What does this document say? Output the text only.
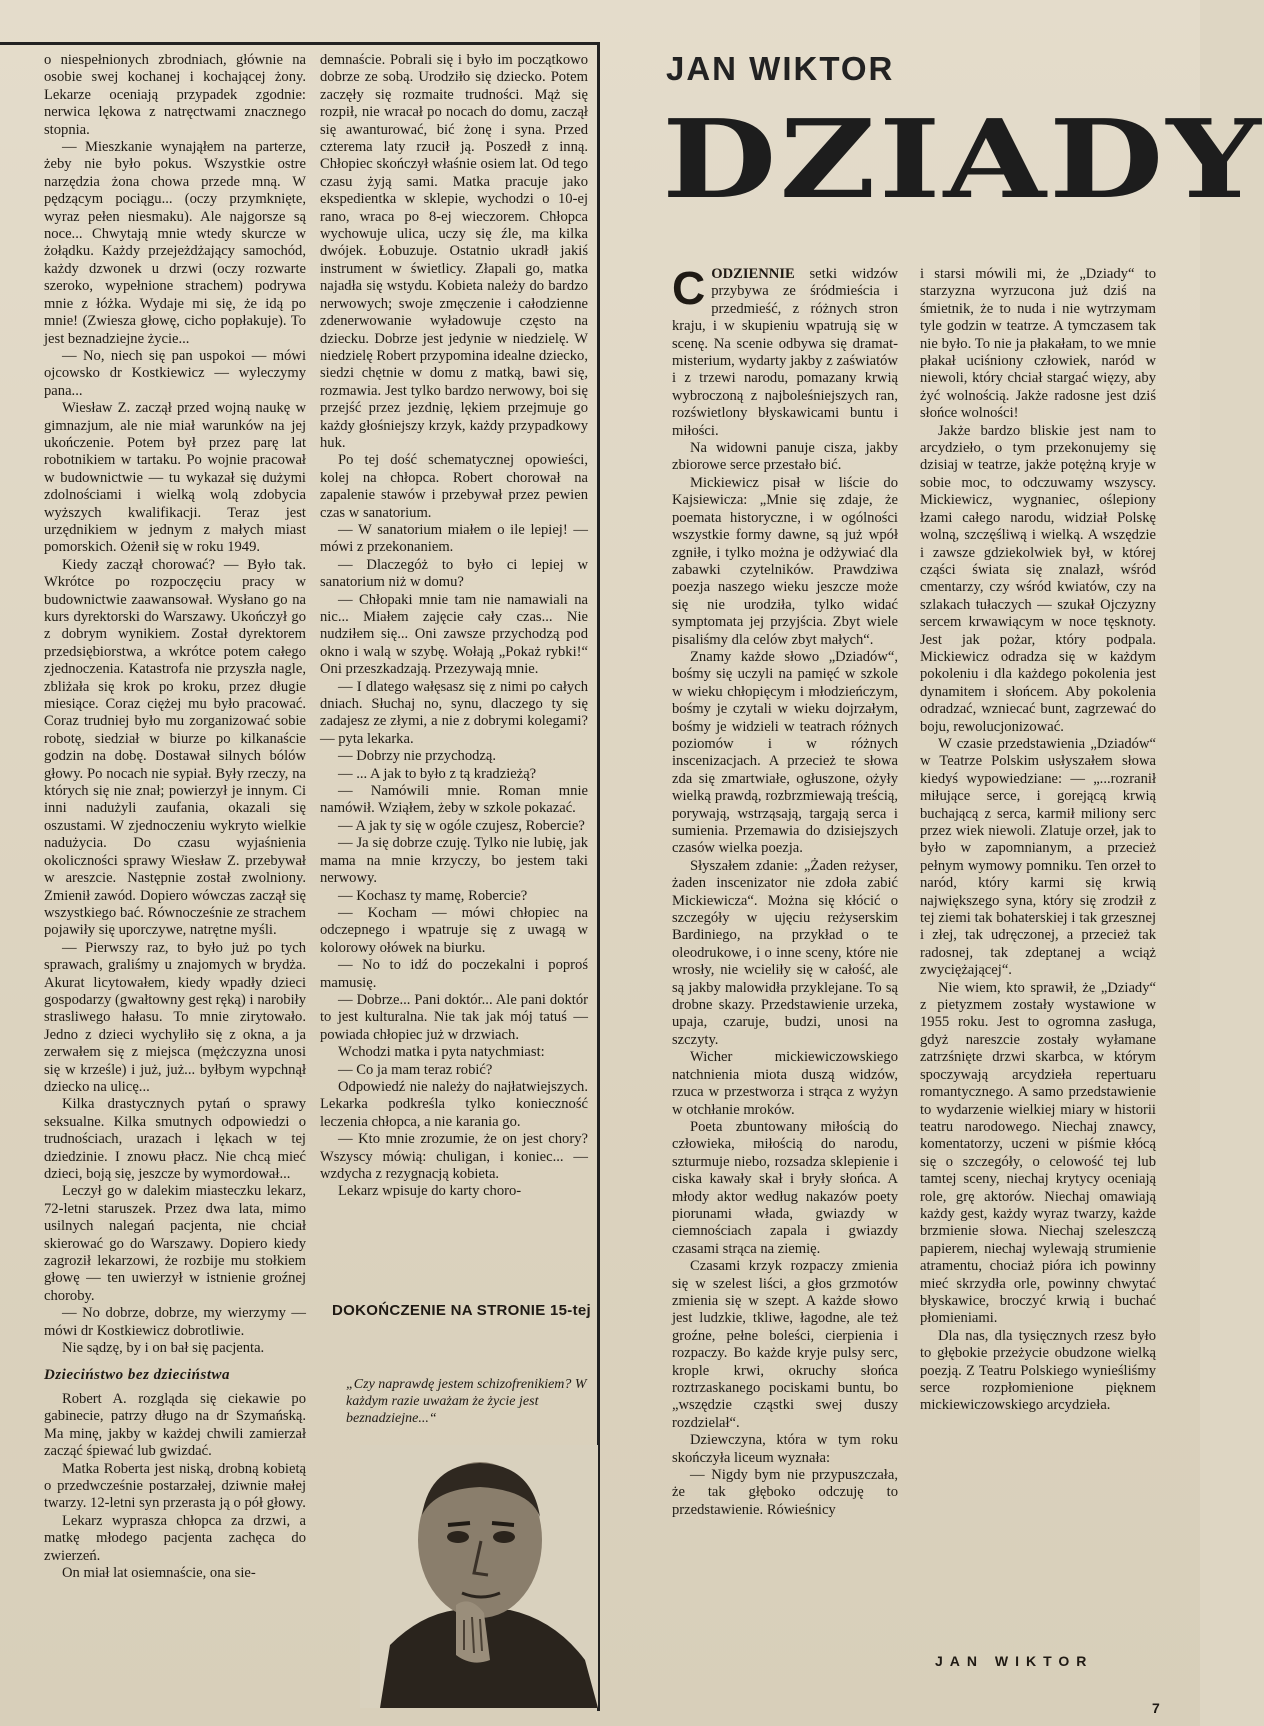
o niespełnionych zbrodniach, głównie na osobie swej kochanej i kochającej żony. Lekarze oceniają przypadek zgodnie: nerwica lękowa z natręctwami znacznego stopnia.

— Mieszkanie wynająłem na parterze, żeby nie było pokus. Wszystkie ostre narzędzia żona chowa przede mną. W pędzącym pociągu... (oczy przymknięte, wyraz pełen niesmaku). Ale najgorsze są noce... Chwytają mnie wtedy skurcze w żołądku. Każdy przejeżdżający samochód, każdy dzwonek u drzwi (oczy rozwarte szeroko, wypełnione strachem) podrywa mnie z łóżka. Wydaje mi się, że idą po mnie! (Zwiesza głowę, cicho popłakuje). To jest beznadziejne życie...

— No, niech się pan uspokoi — mówi ojcowsko dr Kostkiewicz — wyleczymy pana...

Wiesław Z. zaczął przed wojną naukę w gimnazjum, ale nie miał warunków na jej ukończenie. Potem był przez parę lat robotnikiem w tartaku. Po wojnie pracował w budownictwie — tu wykazał się dużymi zdolnościami i wielką wolą zdobycia wyższych kwalifikacji. Teraz jest urzędnikiem w jednym z małych miast pomorskich. Ożenił się w roku 1949.

Kiedy zaczął chorować? — Było tak. Wkrótce po rozpoczęciu pracy w budownictwie zaawansował. Wysłano go na kurs dyrektorski do Warszawy. Ukończył go z dobrym wynikiem. Został dyrektorem przedsiębiorstwa, a wkrótce potem całego zjednoczenia. Katastrofa nie przyszła nagle, zbliżała się krok po kroku, przez długie miesiące. Coraz ciężej mu było pracować. Coraz trudniej było mu zorganizować sobie robotę, siedział w biurze po kilkanaście godzin na dobę. Dostawał silnych bólów głowy. Po nocach nie sypiał. Były rzeczy, na których się nie znał; powierzył je innym. Ci inni nadużyli zaufania, okazali się oszustami. W zjednoczeniu wykryto wielkie nadużycia. Do czasu wyjaśnienia okoliczności sprawy Wiesław Z. przebywał w areszcie. Następnie został zwolniony. Zmienił zawód. Dopiero wówczas zaczął się wszystkiego bać. Równocześnie ze strachem pojawiły się uporczywe, natrętne myśli.

— Pierwszy raz, to było już po tych sprawach, graliśmy u znajomych w brydża. Akurat licytowałem, kiedy wpadły dzieci gospodarzy (gwałtowny gest ręką) i narobiły strasliwego hałasu. To mnie zirytowało. Jedno z dzieci wychyliło się z okna, a ja zerwałem się z miejsca (mężczyzna unosi się w krześle) i już, już... byłbym wypchnął dziecko na ulicę...

Kilka drastycznych pytań o sprawy seksualne. Kilka smutnych odpowiedzi o trudnościach, urazach i lękach w tej dziedzinie. I znowu płacz. Nie chcą mieć dzieci, boją się, jeszcze by wymordował...

Leczył go w dalekim miasteczku lekarz, 72-letni staruszek. Przez dwa lata, mimo usilnych nalegań pacjenta, nie chciał skierować go do Warszawy. Dopiero kiedy zagroził lekarzowi, że rozbije mu stołkiem głowę — ten uwierzył w istnienie groźnej choroby.

— No dobrze, dobrze, my wierzymy — mówi dr Kostkiewicz dobrotliwie.

Nie sądzę, by i on bał się pacjenta.

Dzieciństwo bez dzieciństwa

Robert A. rozgląda się ciekawie po gabinecie, patrzy długo na dr Szymańską. Ma minę, jakby w każdej chwili zamierzał zacząć śpiewać lub gwizdać.

Matka Roberta jest niską, drobną kobietą o przedwcześnie postarzałej, dziwnie małej twarzy. 12-letni syn przerasta ją o pół głowy.

Lekarz wyprasza chłopca za drzwi, a matkę młodego pacjenta zachęca do zwierzeń.

On miał lat osiemnaście, ona sie-

demnaście. Pobrali się i było im początkowo dobrze ze sobą. Urodziło się dziecko. Potem zaczęły się rozmaite trudności. Mąż się rozpił, nie wracał po nocach do domu, zaczął się awanturować, bić żonę i syna. Przed czterema laty rzucił ją. Poszedł z inną. Chłopiec skończył właśnie osiem lat. Od tego czasu żyją sami. Matka pracuje jako ekspedientka w sklepie, wychodzi o 10-ej rano, wraca po 8-ej wieczorem. Chłopca wychowuje ulica, uczy się źle, ma kilka dwójek. Łobuzuje. Ostatnio ukradł jakiś instrument w świetlicy. Złapali go, matka najadła się wstydu. Kobieta należy do bardzo nerwowych; swoje zmęczenie i całodzienne zdenerwowanie wyładowuje często na dziecku. Dobrze jest jedynie w niedzielę. W niedzielę Robert przypomina idealne dziecko, siedzi chętnie w domu z matką, bawi się, rozmawia. Jest tylko bardzo nerwowy, boi się przejść przez jezdnię, lękiem przejmuje go każdy głośniejszy krzyk, każdy przypadkowy huk.

Po tej dość schematycznej opowieści, kolej na chłopca. Robert chorował na zapalenie stawów i przebywał przez pewien czas w sanatorium.

— W sanatorium miałem o ile lepiej! — mówi z przekonaniem.

— Dlaczegóż to było ci lepiej w sanatorium niż w domu?

— Chłopaki mnie tam nie namawiali na nic... Miałem zajęcie cały czas... Nie nudziłem się... Oni zawsze przychodzą pod okno i walą w szybę. Wołają „Pokaż rybki!“ Oni przeszkadzają. Przezywają mnie.

— I dlatego wałęsasz się z nimi po całych dniach. Słuchaj no, synu, dlaczego ty się zadajesz ze złymi, a nie z dobrymi kolegami? — pyta lekarka.

— Dobrzy nie przychodzą.

— ... A jak to było z tą kradzieżą?

— Namówili mnie. Roman mnie namówił. Wziąłem, żeby w szkole pokazać.

— A jak ty się w ogóle czujesz, Robercie?

— Ja się dobrze czuję. Tylko nie lubię, jak mama na mnie krzyczy, bo jestem taki nerwowy.

— Kochasz ty mamę, Robercie?

— Kocham — mówi chłopiec na odczepnego i wpatruje się z uwagą w kolorowy ołówek na biurku.

— No to idź do poczekalni i poproś mamusię.

— Dobrze... Pani doktór... Ale pani doktór to jest kulturalna. Nie tak jak mój tatuś — powiada chłopiec już w drzwiach.

Wchodzi matka i pyta natychmiast:

— Co ja mam teraz robić?

Odpowiedź nie należy do najłatwiejszych. Lekarka podkreśla tylko konieczność leczenia chłopca, a nie karania go.

— Kto mnie zrozumie, że on jest chory? Wszyscy mówią: chuligan, i koniec... — wzdycha z rezygnacją kobieta.

Lekarz wpisuje do karty choro-

DOKOŃCZENIE NA STRONIE 15-tej
„Czy naprawdę jestem schizofrenikiem? W każdym razie uważam że życie jest beznadziejne...“
JAN WIKTOR
DZIADY

CODZIENNIE setki widzów przybywa ze śródmieścia i przedmieść, z różnych stron kraju, i w skupieniu wpatrują się w scenę. Na scenie odbywa się dramat-misterium, wydarty jakby z zaświatów i z trzewi narodu, pomazany krwią wybroczoną z najboleśniejszych ran, rozświetlony błyskawicami buntu i miłości.

Na widowni panuje cisza, jakby zbiorowe serce przestało bić.

Mickiewicz pisał w liście do Kajsiewicza: „Mnie się zdaje, że poemata historyczne, i w ogólności wszystkie formy dawne, są już wpół zgniłe, i tylko można je odżywiać dla zabawki czytelników. Prawdziwa poezja naszego wieku jeszcze może się nie urodziła, tylko widać symptomata jej przyjścia. Zbyt wiele pisaliśmy dla celów zbyt małych“.

Znamy każde słowo „Dziadów“, bośmy się uczyli na pamięć w szkole w wieku chłopięcym i młodzieńczym, bośmy je czytali w wieku dojrzałym, bośmy je widzieli w teatrach różnych poziomów i w różnych inscenizacjach. A przecież te słowa zda się zmartwiałe, ogłuszone, ożyły wielką prawdą, rozbrzmiewają treścią, porywają, wstrząsają, targają serca i sumienia. Przemawia do dzisiejszych czasów wielka poezja.

Słyszałem zdanie: „Żaden reżyser, żaden inscenizator nie zdoła zabić Mickiewicza“. Można się kłócić o szczegóły w ujęciu reżyserskim Bardiniego, na przykład o te oleodrukowe, i o inne sceny, które nie wrosły, nie wcieliły się w całość, ale są jakby malowidła przyklejane. To są drobne skazy. Przedstawienie urzeka, upaja, czaruje, budzi, unosi na szczyty.

Wicher mickiewiczowskiego natchnienia miota duszą widzów, rzuca w przestworza i strąca z wyżyn w otchłanie mroków.

Poeta zbuntowany miłością do człowieka, miłością do narodu, szturmuje niebo, rozsadza sklepienie i ciska kawały skał i bryły słońca. A młody aktor według nakazów poety piorunami włada, gwiazdy w ciemnościach zapala i gwiazdy czasami strąca na ziemię.

Czasami krzyk rozpaczy zmienia się w szelest liści, a głos grzmotów zmienia się w szept. A każde słowo jest ludzkie, tkliwe, łagodne, ale też groźne, pełne boleści, cierpienia i rozpaczy. Bo każde kryje pulsy serc, krople krwi, okruchy słońca roztrzaskanego pociskami buntu, bo „wszędzie cząstki swej duszy rozdzielał“.

Dziewczyna, która w tym roku skończyła liceum wyznała:

— Nigdy bym nie przypuszczała, że tak głęboko odczuję to przedstawienie. Rówieśnicy

i starsi mówili mi, że „Dziady“ to starzyzna wyrzucona już dziś na śmietnik, że to nuda i nie wytrzymam tyle godzin w teatrze. A tymczasem tak nie było. To nie ja płakałam, to we mnie płakał uciśniony człowiek, naród w niewoli, który chciał stargać więzy, aby żyć wolnością. Jakże radosne jest dziś słońce wolności!

Jakże bardzo bliskie jest nam to arcydzieło, o tym przekonujemy się dzisiaj w teatrze, jakże potężną kryje w sobie moc, to odczuwamy wszyscy. Mickiewicz, wygnaniec, oślepiony łzami całego narodu, widział Polskę wolną, szczęśliwą i wielką. A wszędzie i zawsze gdziekolwiek był, w której cząści świata się znalazł, wśród cmentarzy, czy wśród kwiatów, czy na szlakach tułaczych — szukał Ojczyzny sercem krwawiącym w noce tęsknoty. Jest jak pożar, który podpala. Mickiewicz odradza się w każdym pokoleniu i dla każdego pokolenia jest dynamitem i słońcem. Aby pokolenia odradzać, wzniecać bunt, zagrzewać do boju, rewolucjonizować.

W czasie przedstawienia „Dziadów“ w Teatrze Polskim usłyszałem słowa kiedyś wypowiedziane: — „...rozranił miłujące serce, i gorejącą krwią buchającą z serca, karmił miliony serc przez wiek niewoli. Zlatuje orzeł, jak to było w zapomnianym, a przecież pełnym wymowy pomniku. Ten orzeł to naród, który karmi się krwią największego syna, który się zrodził z tej ziemi tak bohaterskiej i tak grzesznej i złej, tak udręczonej, a przecież tak radosnej, tak zdeptanej a wciąż zwyciężającej“.

Nie wiem, kto sprawił, że „Dziady“ z pietyzmem zostały wystawione w 1955 roku. Jest to ogromna zasługa, gdyż nareszcie zostały wyłamane zatrzśnięte drzwi skarbca, w którym spoczywają arcydzieła repertuaru romantycznego. A samo przedstawienie to wydarzenie wielkiej miary w historii teatru narodowego. Niechaj znawcy, komentatorzy, uczeni w piśmie kłócą się o szczegóły, o celowość tej lub tamtej sceny, niechaj krytycy oceniają role, grę aktorów. Niechaj omawiają każdy gest, każdy wyraz twarzy, każde brzmienie słowa. Niechaj szeleszczą papierem, niechaj wylewają strumienie atramentu, chociaż pióra ich powinny mieć skrzydła orle, powinny chwytać błyskawice, broczyć krwią i buchać płomieniami.

Dla nas, dla tysięcznych rzesz było to głębokie przeżycie obudzone wielką poezją. Z Teatru Polskiego wynieśliśmy serce rozpłomienione pięknem mickiewiczowskiego arcydzieła.

JAN WIKTOR
7
